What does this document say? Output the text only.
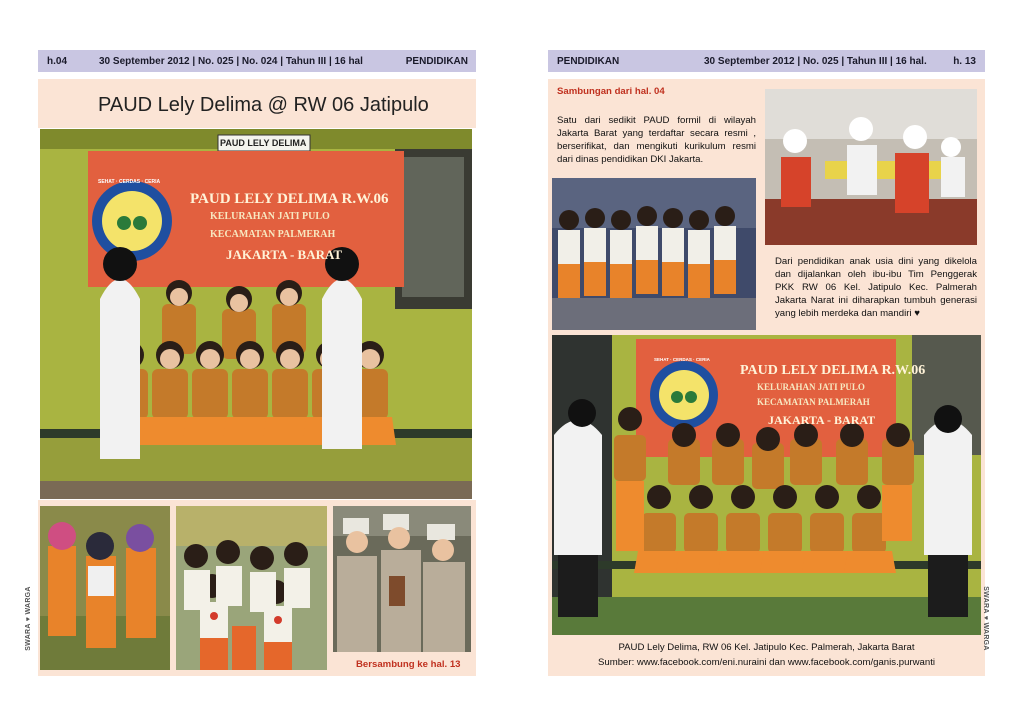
h.04	30 September 2012 | No. 025 | No. 024 | Tahun III | 16 hal	PENDIDIKAN
PAUD Lely Delima @ RW 06 Jatipulo
PAUD LELY DELIMA
PAUD LELY DELIMA R.W.06
KELURAHAN JATI PULO
KECAMATAN PALMERAH
JAKARTA - BARAT
SEHAT · CERDAS · CERIA
Bersambung ke hal. 13
SWARA ♥ WARGA
PENDIDIKAN	30 September 2012 | No. 025 | Tahun III | 16 hal.	h. 13
Sambungan dari hal. 04
Satu dari sedikit PAUD formil di wilayah Jakarta Barat yang terdaftar secara resmi , berserifikat, dan mengikuti kurikulum resmi dari dinas pendidikan DKI Jakarta.
Dari pendidikan anak usia dini yang dikelola dan dijalankan oleh ibu-ibu Tim Penggerak PKK RW 06 Kel. Jatipulo Kec. Palmerah Jakarta Narat ini diharapkan tumbuh generasi yang lebih merdeka dan mandiri ♥
PAUD LELY DELIMA R.W.06
KELURAHAN JATI PULO
KECAMATAN PALMERAH
JAKARTA - BARAT
SEHAT · CERDAS · CERIA
PAUD Lely Delima, RW 06 Kel. Jatipulo Kec. Palmerah, Jakarta Barat
Sumber: www.facebook.com/eni.nuraini dan www.facebook.com/ganis.purwanti
SWARA ♥ WARGA
